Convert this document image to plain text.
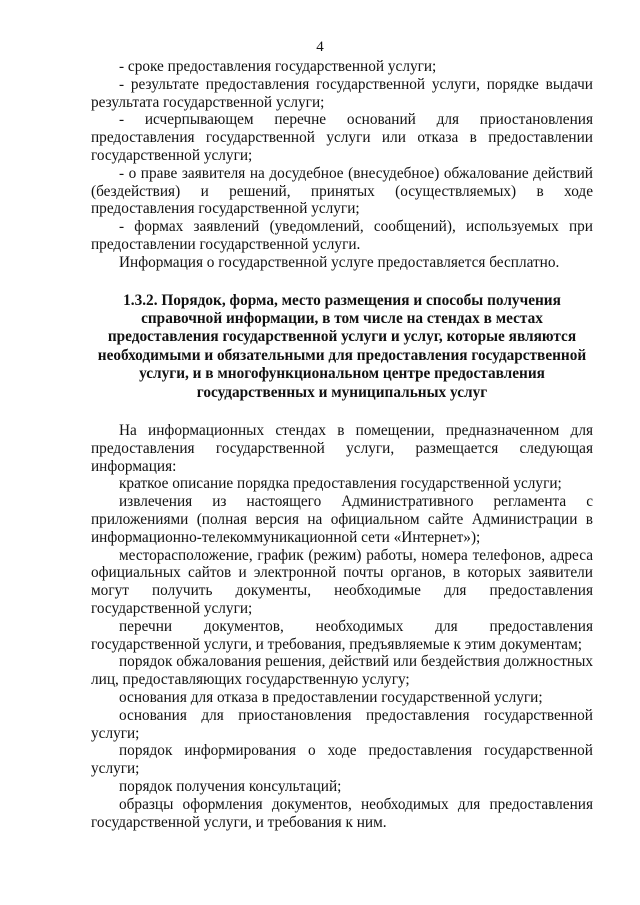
4

- сроке предоставления государственной услуги;

- результате предоставления государственной услуги, порядке выдачи результата государственной услуги;

- исчерпывающем перечне оснований для приостановления предоставления государственной услуги или отказа в предоставлении государственной услуги;

- о праве заявителя на досудебное (внесудебное) обжалование действий (бездействия) и решений, принятых (осуществляемых) в ходе предоставления государственной услуги;

- формах заявлений (уведомлений, сообщений), используемых при предоставлении государственной услуги.

Информация о государственной услуге предоставляется бесплатно.

1.3.2. Порядок, форма, место размещения и способы получения справочной информации, в том числе на стендах в местах предоставления государственной услуги и услуг, которые являются необходимыми и обязательными для предоставления государственной услуги, и в многофункциональном центре предоставления государственных и муниципальных услуг

На информационных стендах в помещении, предназначенном для предоставления государственной услуги, размещается следующая информация:

краткое описание порядка предоставления государственной услуги;

извлечения из настоящего Административного регламента с приложениями (полная версия на официальном сайте Администрации в информационно-телекоммуникационной сети «Интернет»);

месторасположение, график (режим) работы, номера телефонов, адреса официальных сайтов и электронной почты органов, в которых заявители могут получить документы, необходимые для предоставления государственной услуги;

перечни документов, необходимых для предоставления государственной услуги, и требования, предъявляемые к этим документам;

порядок обжалования решения, действий или бездействия должностных лиц, предоставляющих государственную услугу;

основания для отказа в предоставлении государственной услуги;

основания для приостановления предоставления государственной услуги;

порядок информирования о ходе предоставления государственной услуги;

порядок получения консультаций;

образцы оформления документов, необходимых для предоставления государственной услуги, и требования к ним.
